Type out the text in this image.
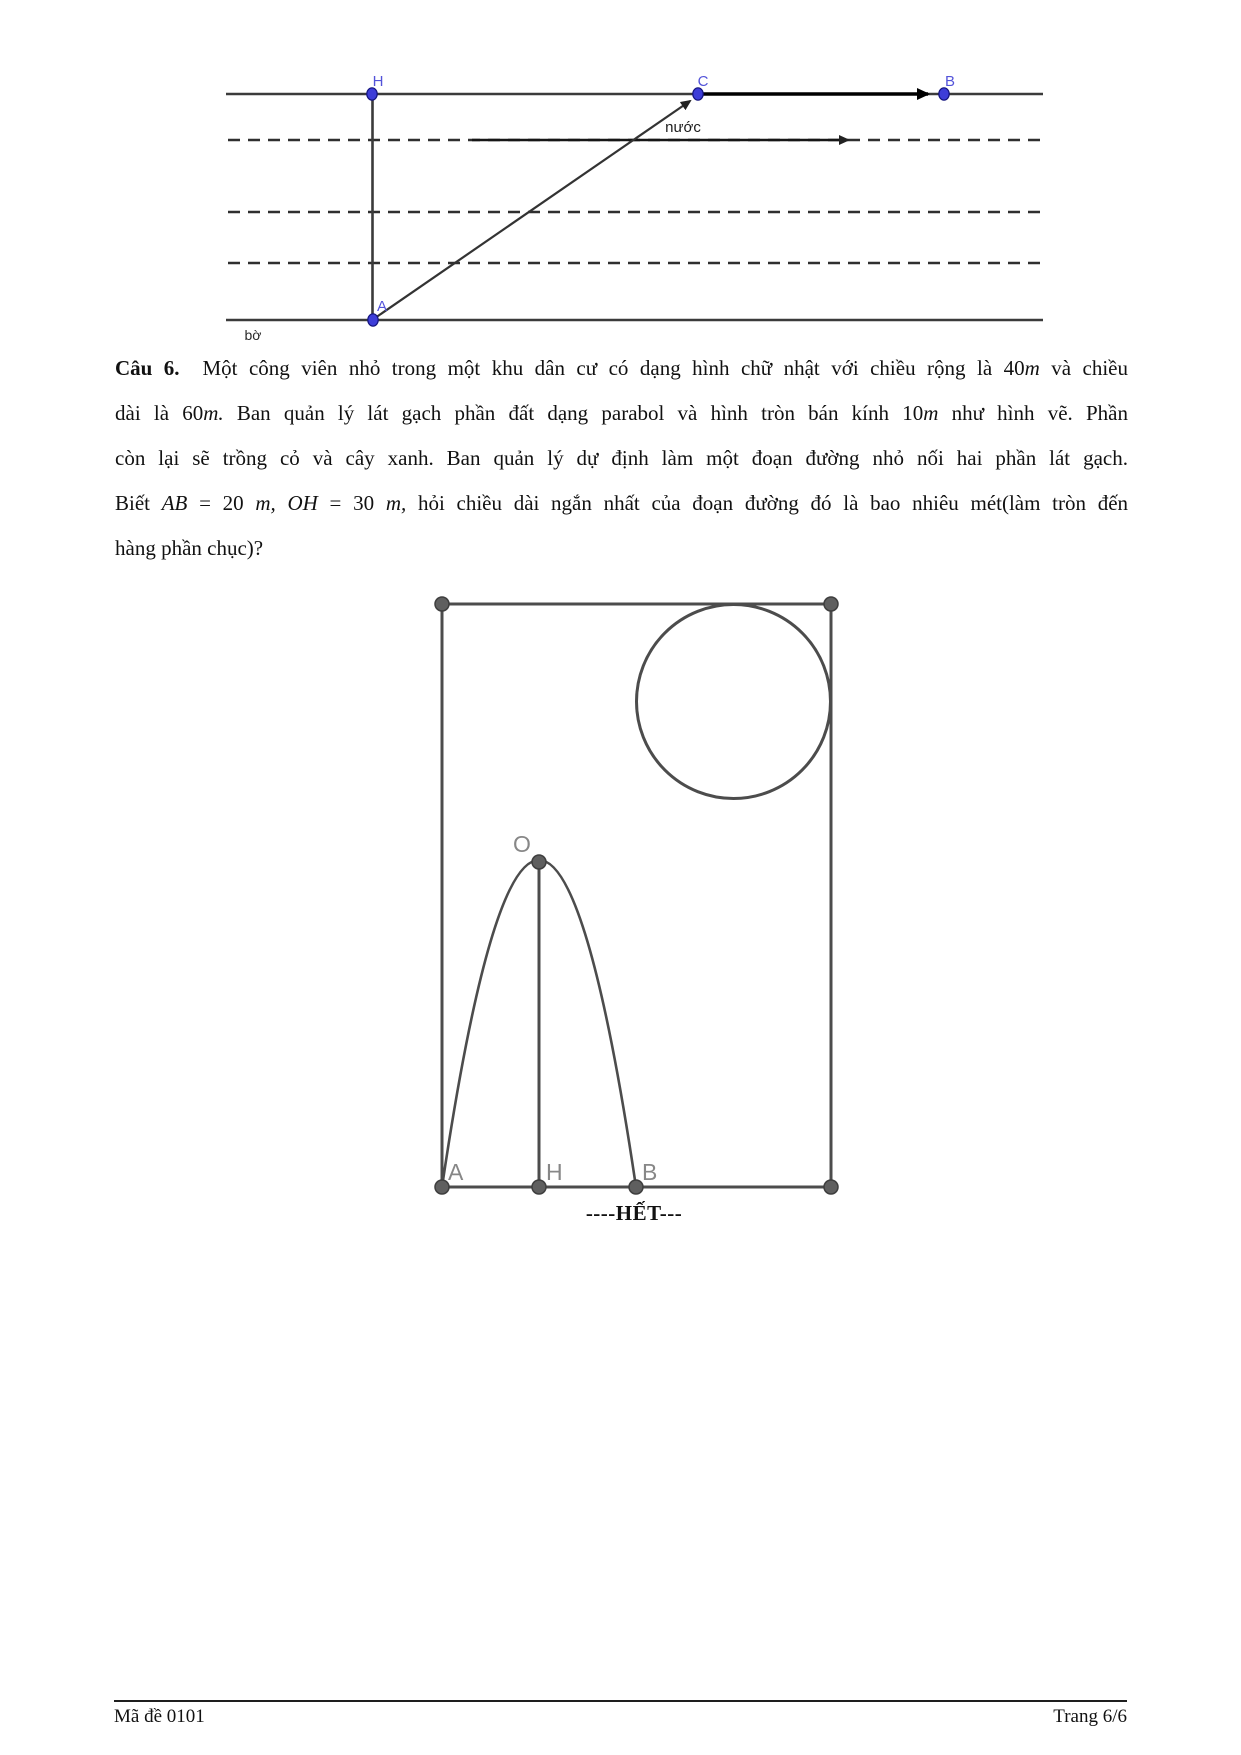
nước
H	C	B
A
bờ
Câu 6.  Một công viên nhỏ trong một khu dân cư có dạng hình chữ nhật với chiều rộng là 40m và chiều
dài là 60m. Ban quản lý lát gạch phần đất dạng parabol và hình tròn bán kính 10m như hình vẽ. Phần
còn lại sẽ trồng cỏ và cây xanh. Ban quản lý dự định làm một đoạn đường nhỏ nối hai phần lát gạch.
Biết AB = 20 m, OH = 30 m, hỏi chiều dài ngắn nhất của đoạn đường đó là bao nhiêu mét(làm tròn đến
hàng phần chục)?
O
A	H	B
----HẾT---
Mã đề 0101	Trang 6/6
